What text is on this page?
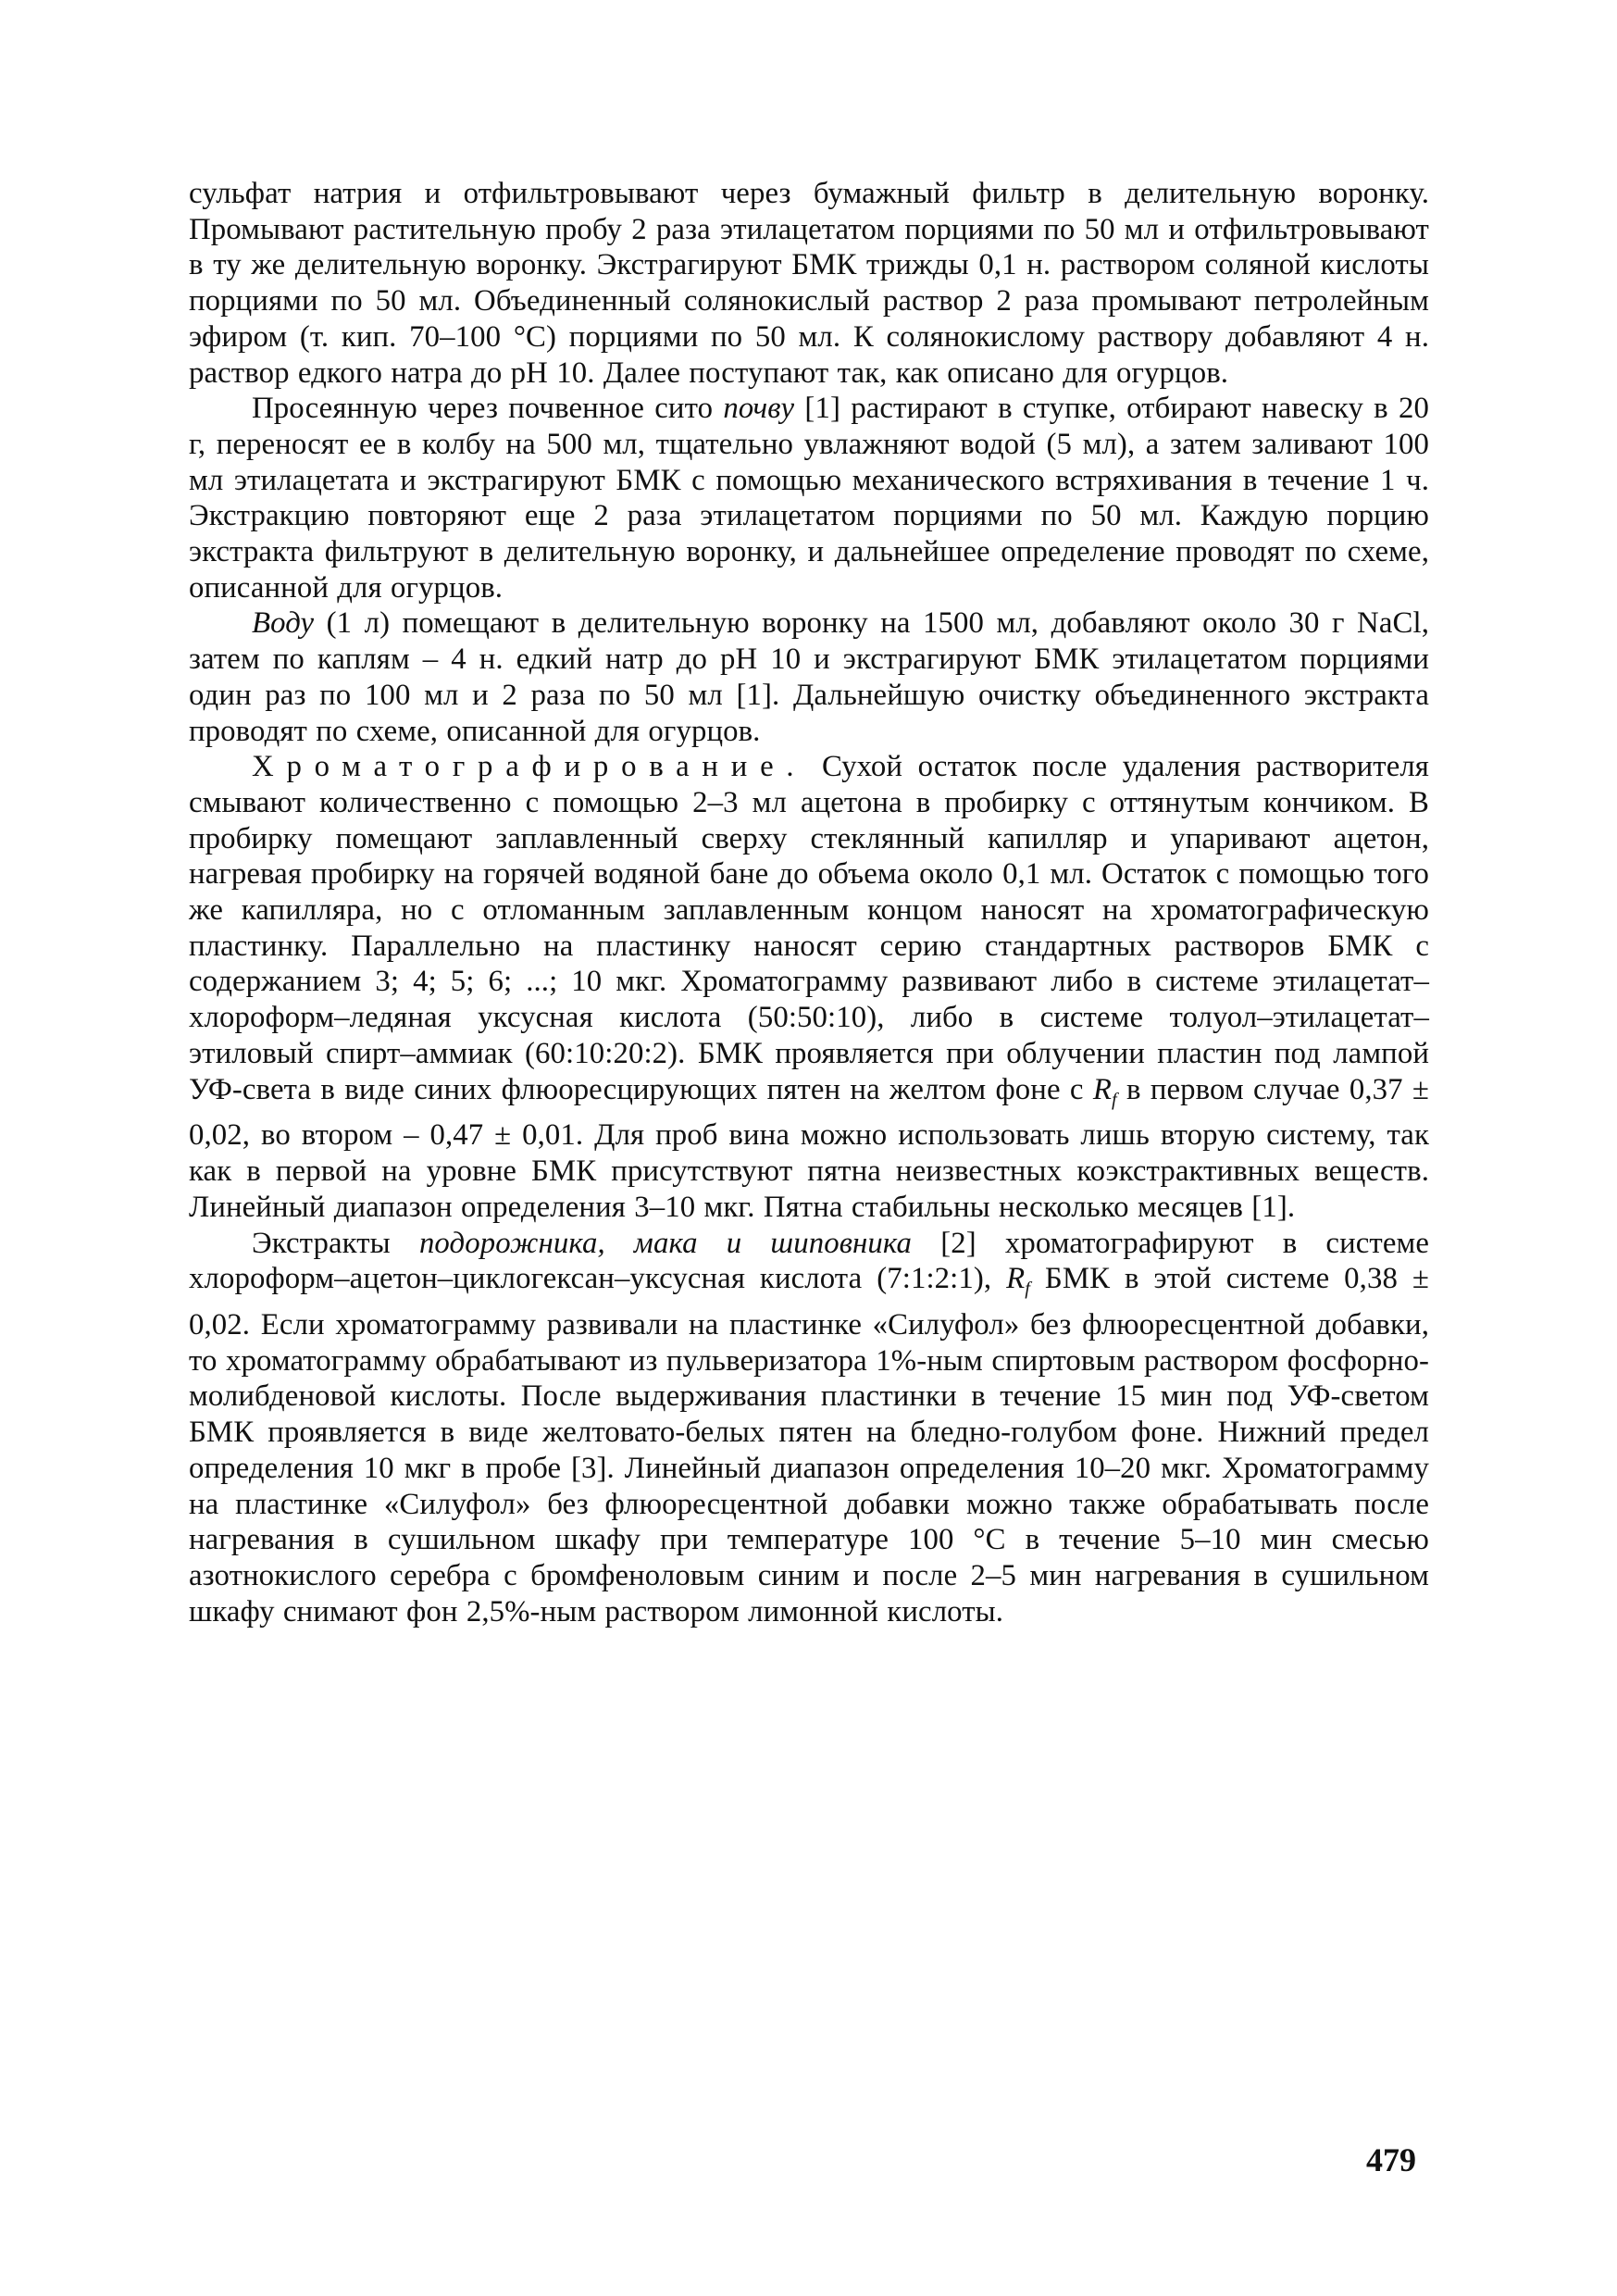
сульфат натрия и отфильтровывают через бумажный фильтр в делительную воронку. Промывают растительную пробу 2 раза этилацетатом порциями по 50 мл и отфильтровывают в ту же делительную воронку. Экстрагируют БМК трижды 0,1 н. раствором соляной кислоты порциями по 50 мл. Объединенный солянокислый раствор 2 раза промывают петролейным эфиром (т. кип. 70–100 °С) порциями по 50 мл. К солянокислому раствору добавляют 4 н. раствор едкого натра до pH 10. Далее поступают так, как описано для огурцов.

Просеянную через почвенное сито почву [1] растирают в ступке, отбирают навеску в 20 г, переносят ее в колбу на 500 мл, тщательно увлажняют водой (5 мл), а затем заливают 100 мл этилацетата и экстрагируют БМК с помощью механического встряхивания в течение 1 ч. Экстракцию повторяют еще 2 раза этилацетатом порциями по 50 мл. Каждую порцию экстракта фильтруют в делительную воронку, и дальнейшее определение проводят по схеме, описанной для огурцов.

Воду (1 л) помещают в делительную воронку на 1500 мл, добавляют около 30 г NaCl, затем по каплям – 4 н. едкий натр до pH 10 и экстрагируют БМК этилацетатом порциями один раз по 100 мл и 2 раза по 50 мл [1]. Дальнейшую очистку объединенного экстракта проводят по схеме, описанной для огурцов.

Хроматографирование. Сухой остаток после удаления растворителя смывают количественно с помощью 2–3 мл ацетона в пробирку с оттянутым кончиком. В пробирку помещают заплавленный сверху стеклянный капилляр и упаривают ацетон, нагревая пробирку на горячей водяной бане до объема около 0,1 мл. Остаток с помощью того же капилляра, но с отломанным заплавленным концом наносят на хроматографическую пластинку. Параллельно на пластинку наносят серию стандартных растворов БМК с содержанием 3; 4; 5; 6; ...; 10 мкг. Хроматограмму развивают либо в системе этилацетат–хлороформ–ледяная уксусная кислота (50:50:10), либо в системе толуол–этилацетат–этиловый спирт–аммиак (60:10:20:2). БМК проявляется при облучении пластин под лампой УФ-света в виде синих флюоресцирующих пятен на желтом фоне с $R_f$ в первом случае 0,37 ± 0,02, во втором – 0,47 ± 0,01. Для проб вина можно использовать лишь вторую систему, так как в первой на уровне БМК присутствуют пятна неизвестных коэкстрактивных веществ. Линейный диапазон определения 3–10 мкг. Пятна стабильны несколько месяцев [1].

Экстракты подорожника, мака и шиповника [2] хроматографируют в системе хлороформ–ацетон–циклогексан–уксусная кислота (7:1:2:1), $R_f$ БМК в этой системе 0,38 ± 0,02. Если хроматограмму развивали на пластинке «Силуфол» без флюоресцентной добавки, то хроматограмму обрабатывают из пульверизатора 1%-ным спиртовым раствором фосфорно-молибденовой кислоты. После выдерживания пластинки в течение 15 мин под УФ-светом БМК проявляется в виде желтовато-белых пятен на бледно-голубом фоне. Нижний предел определения 10 мкг в пробе [3]. Линейный диапазон определения 10–20 мкг. Хроматограмму на пластинке «Силуфол» без флюоресцентной добавки можно также обрабатывать после нагревания в сушильном шкафу при температуре 100 °С в течение 5–10 мин смесью азотнокислого серебра с бромфеноловым синим и после 2–5 мин нагревания в сушильном шкафу снимают фон 2,5%-ным раствором лимонной кислоты.

479
